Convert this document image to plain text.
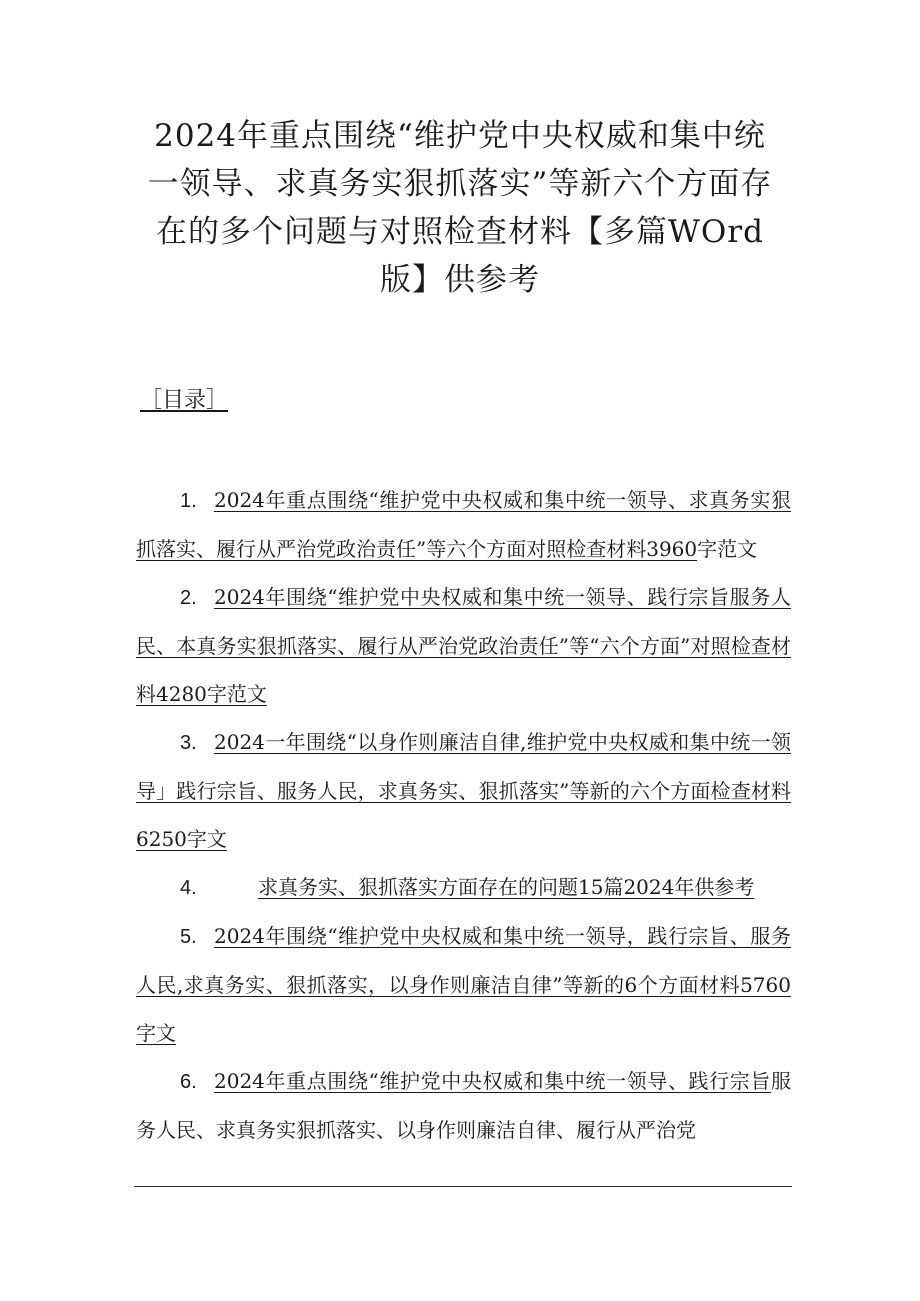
2024年重点围绕“维护党中央权威和集中统一领导、求真务实狠抓落实”等新六个方面存在的多个问题与对照检查材料【多篇WOrd版】供参考
［目录］
1. 2024年重点围绕“维护党中央权威和集中统一领导、求真务实狠抓落实、履行从严治党政治责任”等六个方面对照检查材料3960字范文
2. 2024年围绕“维护党中央权威和集中统一领导、践行宗旨服务人民、本真务实狠抓落实、履行从严治党政治责任”等“六个方面”对照检查材料4280字范文
3. 2024一年围绕“以身作则廉洁自律,维护党中央权威和集中统一领导」践行宗旨、服务人民，求真务实、狠抓落实”等新的六个方面检查材料6250字文
4.	求真务实、狠抓落实方面存在的问题15篇2024年供参考
5. 2024年围绕“维护党中央权威和集中统一领导，践行宗旨、服务人民,求真务实、狠抓落实，以身作则廉洁自律”等新的6个方面材料5760字文
6. 2024年重点围绕“维护党中央权威和集中统一领导、践行宗旨服务人民、求真务实狠抓落实、以身作则廉洁自律、履行从严治党
